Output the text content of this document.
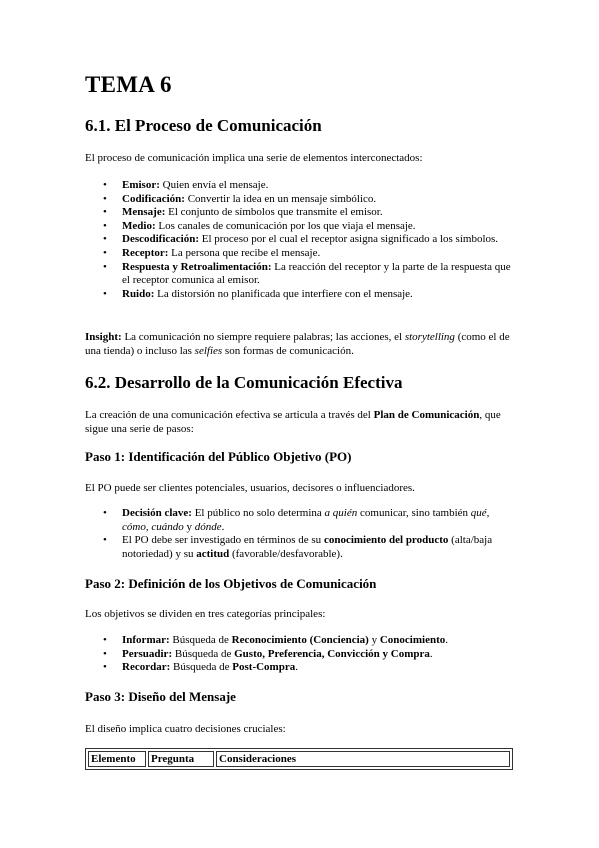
TEMA 6
6.1. El Proceso de Comunicación

El proceso de comunicación implica una serie de elementos interconectados:

• Emisor: Quien envía el mensaje.
• Codificación: Convertir la idea en un mensaje simbólico.
• Mensaje: El conjunto de símbolos que transmite el emisor.
• Medio: Los canales de comunicación por los que viaja el mensaje.
• Descodificación: El proceso por el cual el receptor asigna significado a los símbolos.
• Receptor: La persona que recibe el mensaje.
• Respuesta y Retroalimentación: La reacción del receptor y la parte de la respuesta que el receptor comunica al emisor.
• Ruido: La distorsión no planificada que interfiere con el mensaje.

Insight: La comunicación no siempre requiere palabras; las acciones, el storytelling (como el de una tienda) o incluso las selfies son formas de comunicación.

6.2. Desarrollo de la Comunicación Efectiva

La creación de una comunicación efectiva se articula a través del Plan de Comunicación, que sigue una serie de pasos:

Paso 1: Identificación del Público Objetivo (PO)

El PO puede ser clientes potenciales, usuarios, decisores o influenciadores.

• Decisión clave: El público no solo determina a quién comunicar, sino también qué, cómo, cuándo y dónde.
• El PO debe ser investigado en términos de su conocimiento del producto (alta/baja notoriedad) y su actitud (favorable/desfavorable).
Paso 2: Definición de los Objetivos de Comunicación

Los objetivos se dividen en tres categorías principales:

• Informar: Búsqueda de Reconocimiento (Conciencia) y Conocimiento.
• Persuadir: Búsqueda de Gusto, Preferencia, Convicción y Compra.
• Recordar: Búsqueda de Post-Compra.
Paso 3: Diseño del Mensaje

El diseño implica cuatro decisiones cruciales:

Elemento	Pregunta	Consideraciones
